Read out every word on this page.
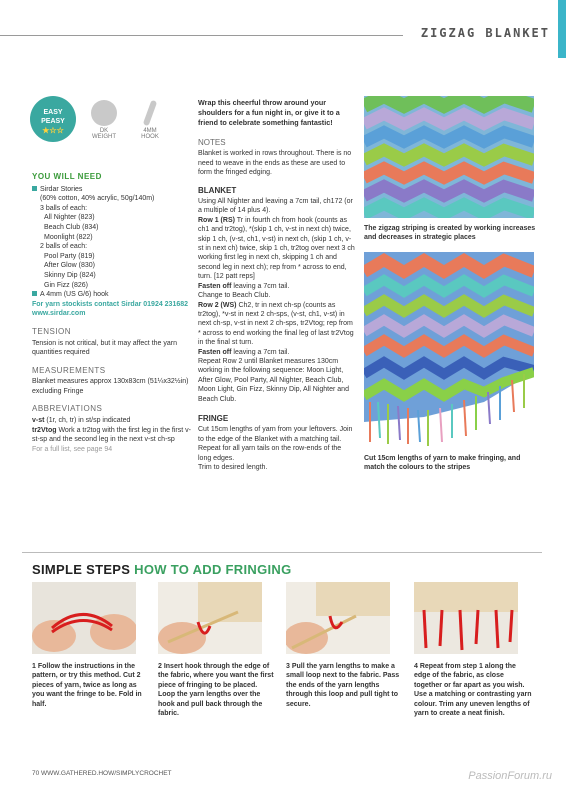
ZIGZAG BLANKET
EASY
PEASY
★☆☆	DK
WEIGHT
4MM
HOOK
YOU WILL NEED
Sirdar Stories
(60% cotton, 40% acrylic, 50g/140m)
3 balls of each:
All Nighter (823)
Beach Club (834)
Moonlight (822)
2 balls of each:
Pool Party (819)
After Glow (830)
Skinny Dip (824)
Gin Fizz (826)
A 4mm (US G/6) hook
For yarn stockists contact Sirdar 01924 231682
www.sirdar.com
TENSION
Tension is not critical, but it may affect the yarn quantities required
MEASUREMENTS
Blanket measures approx 130x83cm (51¼x32½in) excluding Fringe
ABBREVIATIONS
v-st (1r, ch, tr) in st/sp indicated
tr2Vtog Work a tr2tog with the first leg in the first v-st-sp and the second leg in the next v-st ch-sp
For a full list, see page 94
Wrap this cheerful throw around your shoulders for a fun night in, or give it to a friend to celebrate something fantastic!
NOTES
Blanket is worked in rows throughout. There is no need to weave in the ends as these are used to form the fringed edging.
BLANKET
Using All Nighter and leaving a 7cm tail, ch172 (or a multiple of 14 plus 4).
Row 1 (RS) Tr in fourth ch from hook (counts as ch1 and tr2tog), *(skip 1 ch, v-st in next ch) twice, skip 1 ch, (v-st, ch1, v-st) in next ch, (skip 1 ch, v-st in next ch) twice, skip 1 ch, tr2tog over next 3 ch working first leg in next ch, skipping 1 ch and second leg in next ch); rep from * across to end, turn. [12 patt reps]
Fasten off leaving a 7cm tail.
Change to Beach Club.
Row 2 (WS) Ch2, tr in next ch-sp (counts as tr2tog), *v-st in next 2 ch-sps, (v-st, ch1, v-st) in next ch-sp, v-st in next 2 ch-sps, tr2Vtog; rep from * across to end working the final leg of last tr2Vtog in the final st turn.
Fasten off leaving a 7cm tail.
Repeat Row 2 until Blanket measures 130cm working in the following sequence: Moon Light, After Glow, Pool Party, All Nighter, Beach Club, Moon Light, Gin Fizz, Skinny Dip, All Nighter and Beach Club.
FRINGE
Cut 15cm lengths of yarn from your leftovers. Join to the edge of the Blanket with a matching tail. Repeat for all yarn tails on the row-ends of the long edges.
Trim to desired length.
The zigzag striping is created by working increases and decreases in strategic places
Cut 15cm lengths of yarn to make fringing, and match the colours to the stripes
SIMPLE STEPS HOW TO ADD FRINGING
1 Follow the instructions in the pattern, or try this method. Cut 2 pieces of yarn, twice as long as you want the fringe to be. Fold in half.
2 Insert hook through the edge of the fabric, where you want the first piece of fringing to be placed. Loop the yarn lengths over the hook and pull back through the fabric.
3 Pull the yarn lengths to make a small loop next to the fabric. Pass the ends of the yarn lengths through this loop and pull tight to secure.
4 Repeat from step 1 along the edge of the fabric, as close together or far apart as you wish. Use a matching or contrasting yarn colour. Trim any uneven lengths of yarn to create a neat finish.
70 WWW.GATHERED.HOW/SIMPLYCROCHET	PassionForum.ru
